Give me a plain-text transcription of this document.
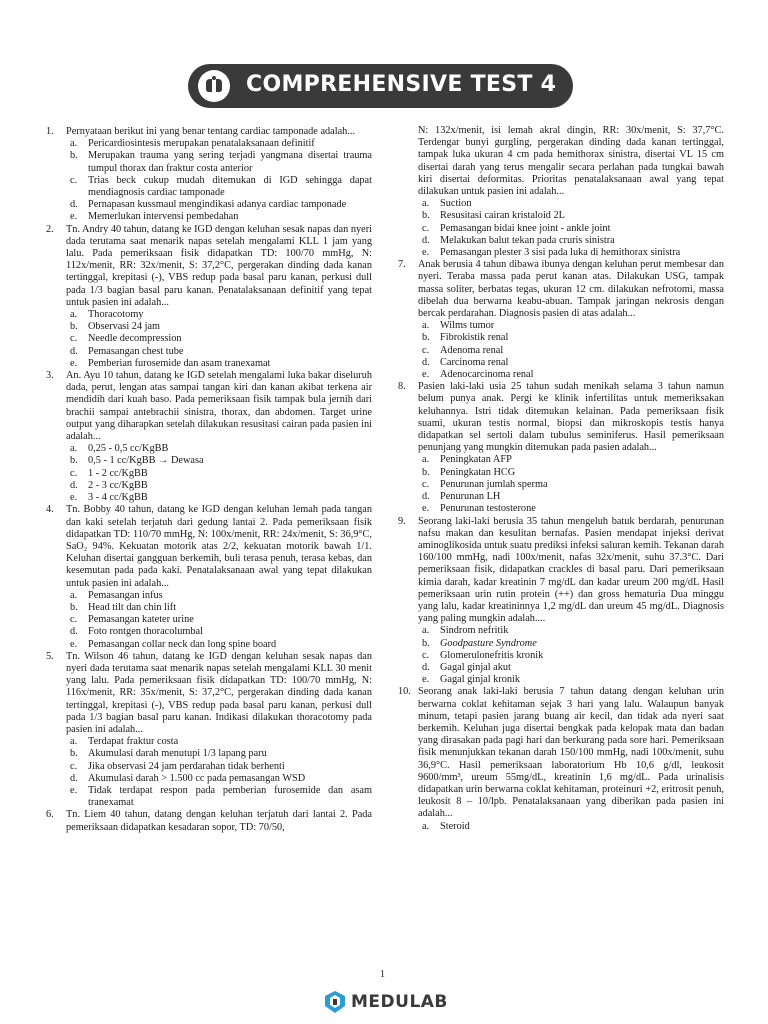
COMPREHENSIVE TEST 4
1. Pernyataan berikut ini yang benar tentang cardiac tamponade adalah...
a. Pericardiosintesis merupakan penatalaksanaan definitif
b. Merupakan trauma yang sering terjadi yangmana disertai trauma tumpul thorax dan fraktur costa anterior
c. Trias beck cukup mudah ditemukan di IGD sehingga dapat mendiagnosis cardiac tamponade
d. Pernapasan kussmaul mengindikasi adanya cardiac tamponade
e. Memerlukan intervensi pembedahan
2. Tn. Andry 40 tahun, datang ke IGD dengan keluhan sesak napas dan nyeri dada terutama saat menarik napas setelah mengalami KLL 1 jam yang lalu. Pada pemeriksaan fisik didapatkan TD: 100/70 mmHg, N: 112x/menit, RR: 32x/menit, S: 37,2°C, pergerakan dinding dada kanan tertinggal, krepitasi (-), VBS redup pada basal paru kanan, perkusi dull pada 1/3 bagian basal paru kanan. Penatalaksanaan definitif yang tepat untuk pasien ini adalah...
a. Thoracotomy
b. Observasi 24 jam
c. Needle decompression
d. Pemasangan chest tube
e. Pemberian furosemide dan asam tranexamat
3. An. Ayu 10 tahun, datang ke IGD setelah mengalami luka bakar diseluruh dada, perut, lengan atas sampai tangan kiri dan kanan akibat terkena air mendidih dari kuah baso. Pada pemeriksaan fisik tampak bula jernih dari brachii sampai antebrachii sinistra, thorax, dan abdomen. Target urine output yang diharapkan setelah dilakukan resusitasi cairan pada pasien ini adalah...
a. 0,25 - 0,5 cc/KgBB
b. 0,5 - 1 cc/KgBB → Dewasa
c. 1 - 2 cc/KgBB
d. 2 - 3 cc/KgBB
e. 3 - 4 cc/KgBB
4. Tn. Bobby 40 tahun, datang ke IGD dengan keluhan lemah pada tangan dan kaki setelah terjatuh dari gedung lantai 2. Pada pemeriksaan fisik didapatkan TD: 110/70 mmHg, N: 100x/menit, RR: 24x/menit, S: 36,9°C, SaO₂ 94%. Kekuatan motorik atas 2/2, kekuatan motorik bawah 1/1. Keluhan disertai gangguan berkemih, buli terasa penuh, terasa kebas, dan kesemutan pada pada kaki. Penatalaksanaan awal yang tepat dilakukan untuk pasien ini adalah...
a. Pemasangan infus
b. Head tilt dan chin lift
c. Pemasangan kateter urine
d. Foto rontgen thoracolumbal
e. Pemasangan collar neck dan long spine board
5. Tn. Wilson 46 tahun, datang ke IGD dengan keluhan sesak napas dan nyeri dada terutama saat menarik napas setelah mengalami KLL 30 menit yang lalu. Pada pemeriksaan fisik didapatkan TD: 100/70 mmHg, N: 116x/menit, RR: 35x/menit, S: 37,2°C, pergerakan dinding dada kanan tertinggal, krepitasi (-), VBS redup pada basal paru kanan, perkusi dull pada 1/3 bagian basal paru kanan. Indikasi dilakukan thoracotomy pada pasien ini adalah...
a. Terdapat fraktur costa
b. Akumulasi darah menutupi 1/3 lapang paru
c. Jika observasi 24 jam perdarahan tidak berhenti
d. Akumulasi darah > 1.500 cc pada pemasangan WSD
e. Tidak terdapat respon pada pemberian furosemide dan asam tranexamat
6. Tn. Liem 40 tahun, datang dengan keluhan terjatuh dari lantai 2. Pada pemeriksaan didapatkan kesadaran sopor, TD: 70/50,
N: 132x/menit, isi lemah akral dingin, RR: 30x/menit, S: 37,7°C. Terdengar bunyi gurgling, pergerakan dinding dada kanan tertinggal, tampak luka ukuran 4 cm pada hemithorax sinistra, disertai VL 15 cm disertai darah yang terus mengalir secara perlahan pada tungkai bawah kiri disertai deformitas. Prioritas penatalaksanaan awal yang tepat dilakukan untuk pasien ini adalah...
a. Suction
b. Resusitasi cairan kristaloid 2L
c. Pemasangan bidai knee joint - ankle joint
d. Melakukan balut tekan pada cruris sinistra
e. Pemasangan plester 3 sisi pada luka di hemithorax sinistra
7. Anak berusia 4 tahun dibawa ibunya dengan keluhan perut membesar dan nyeri. Teraba massa pada perut kanan atas. Dilakukan USG, tampak massa soliter, berbatas tegas, ukuran 12 cm. dilakukan nefrotomi, massa dibelah dua berwarna keabu-abuan. Tampak jaringan nekrosis dengan bercak perdarahan. Diagnosis pasien di atas adalah...
a. Wilms tumor
b. Fibrokistik renal
c. Adenoma renal
d. Carcinoma renal
e. Adenocarcinoma renal
8. Pasien laki-laki usia 25 tahun sudah menikah selama 3 tahun namun belum punya anak. Pergi ke klinik infertilitas untuk memeriksakan keluhannya. Istri tidak ditemukan kelainan. Pada pemeriksaan fisik suami, ukuran testis normal, biopsi dan mikroskopis testis hanya didapatkan sel sertoli dalam tubulus seminiferus. Hasil pemeriksaan penunjang yang mungkin ditemukan pada pasien adalah...
a. Peningkatan AFP
b. Peningkatan HCG
c. Penurunan jumlah sperma
d. Penurunan LH
e. Penurunan testosterone
9. Seorang laki-laki berusia 35 tahun mengeluh batuk berdarah, penurunan nafsu makan dan kesulitan bernafas. Pasien mendapat injeksi derivat aminoglikosida untuk suatu prediksi infeksi saluran kemih. Tekanan darah 160/100 mmHg, nadi 100x/menit, nafas 32x/menit, suhu 37.3°C. Dari pemeriksaan fisik, didapatkan crackles di basal paru. Dari pemeriksaan kimia darah, kadar kreatinin 7 mg/dL dan kadar ureum 200 mg/dL Hasil pemeriksaan urin rutin protein (++) dan gross hematuria Dua minggu yang lalu, kadar kreatininnya 1,2 mg/dL dan ureum 45 mg/dL. Diagnosis yang paling mungkin adalah....
a. Sindrom nefritik
b. Goodpasture Syndrome
c. Glomerulonefritis kronik
d. Gagal ginjal akut
e. Gagal ginjal kronik
10. Seorang anak laki-laki berusia 7 tahun datang dengan keluhan urin berwarna coklat kehitaman sejak 3 hari yang lalu. Walaupun banyak minum, tetapi pasien jarang buang air kecil, dan tidak ada nyeri saat berkemih. Keluhan juga disertai bengkak pada kelopak mata dan badan yang dirasakan pada pagi hari dan berkurang pada sore hari. Pemeriksaan fisik menunjukkan tekanan darah 150/100 mmHg, nadi 100x/menit, suhu 36,9°C. Hasil pemeriksaan laboratorium Hb 10,6 g/dl, leukosit 9600/mm³, ureum 55mg/dL, kreatinin 1,6 mg/dL. Pada urinalisis didapatkan urin berwarna coklat kehitaman, proteinuri +2, eritrosit penuh, leukosit 8 – 10/lpb. Penatalaksanaan yang diberikan pada pasien ini adalah...
a. Steroid
1
MEDULAB
